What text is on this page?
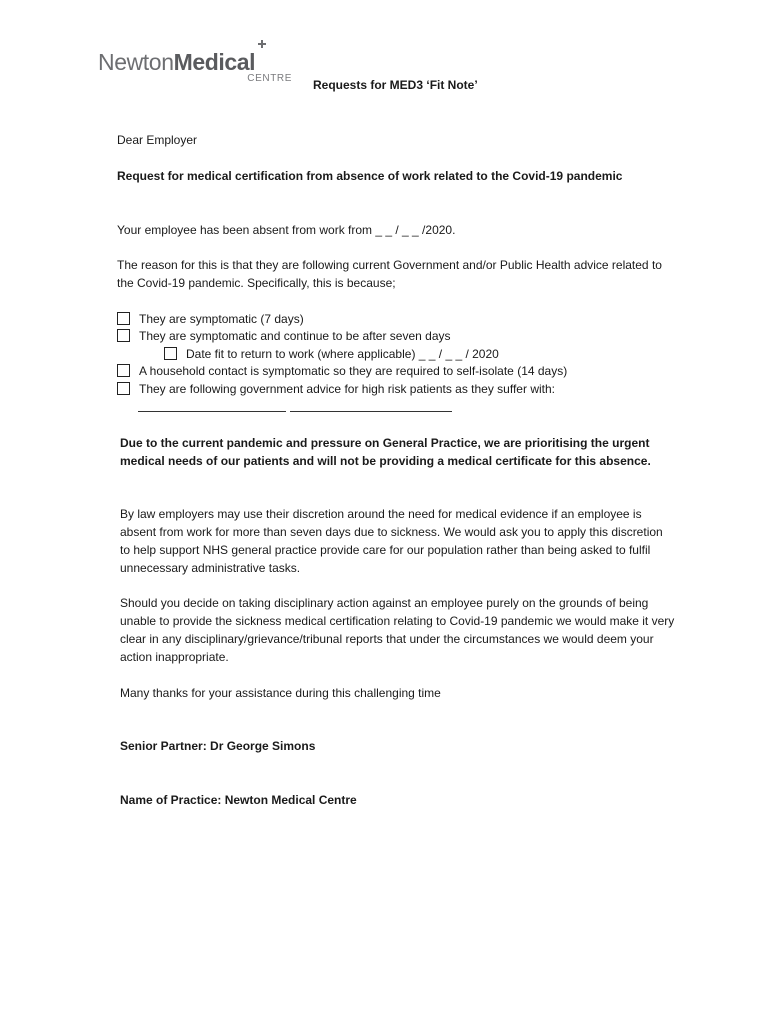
NewtonMedical
CENTRE Requests for MED3 ‘Fit Note’
Dear Employer
Request for medical certification from absence of work related to the Covid-19 pandemic
Your employee has been absent from work from _ _ / _ _ /2020.
The reason for this is that they are following current Government and/or Public Health advice related to the Covid-19 pandemic. Specifically, this is because;
They are symptomatic (7 days)
They are symptomatic and continue to be after seven days
Date fit to return to work (where applicable) _ _ / _ _ / 2020
A household contact is symptomatic so they are required to self-isolate (14 days)
They are following government advice for high risk patients as they suffer with:
Due to the current pandemic and pressure on General Practice, we are prioritising the urgent medical needs of our patients and will not be providing a medical certificate for this absence.
By law employers may use their discretion around the need for medical evidence if an employee is absent from work for more than seven days due to sickness. We would ask you to apply this discretion to help support NHS general practice provide care for our population rather than being asked to fulfil unnecessary administrative tasks.
Should you decide on taking disciplinary action against an employee purely on the grounds of being unable to provide the sickness medical certification relating to Covid-19 pandemic we would make it very clear in any disciplinary/grievance/tribunal reports that under the circumstances we would deem your action inappropriate.
Many thanks for your assistance during this challenging time
Senior Partner: Dr George Simons
Name of Practice: Newton Medical Centre
